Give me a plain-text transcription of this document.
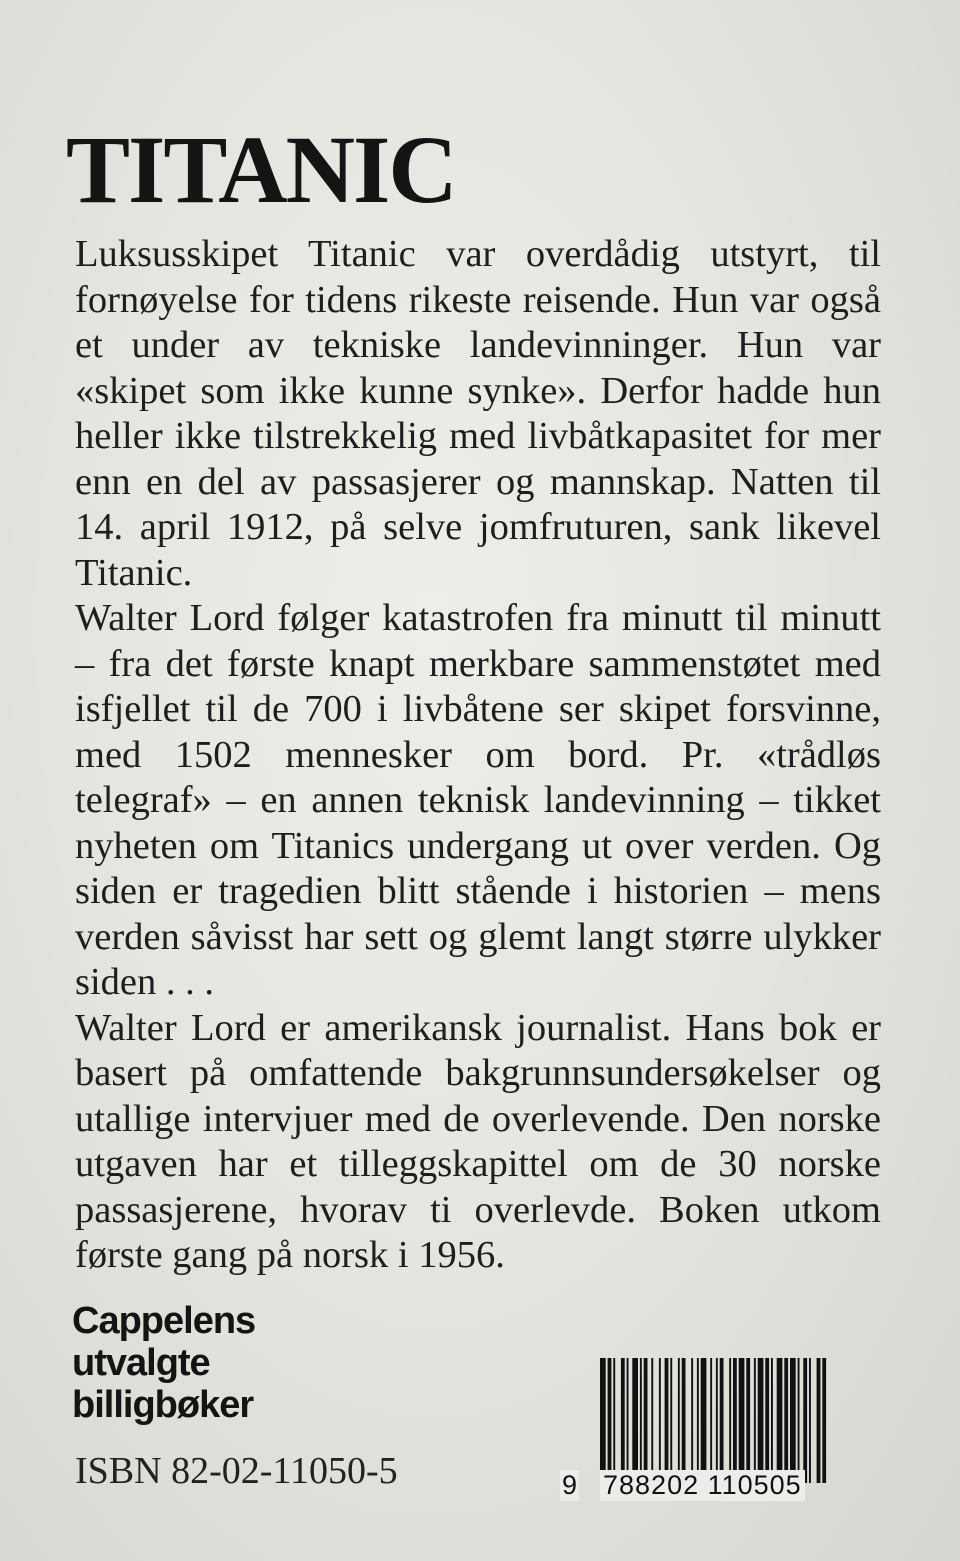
TITANIC

Luksusskipet Titanic var overdådig utstyrt, til fornøyelse for tidens rikeste reisende. Hun var også et under av tekniske landevinninger. Hun var «skipet som ikke kunne synke». Derfor hadde hun heller ikke tilstrekkelig med livbåtkapasitet for mer enn en del av passasjerer og mannskap. Natten til 14. april 1912, på selve jomfruturen, sank likevel Titanic.

Walter Lord følger katastrofen fra minutt til minutt – fra det første knapt merkbare sammenstøtet med isfjellet til de 700 i livbåtene ser skipet forsvinne, med 1502 mennesker om bord. Pr. «trådløs telegraf» – en annen teknisk landevinning – tikket nyheten om Titanics undergang ut over verden. Og siden er tragedien blitt stående i historien – mens verden såvisst har sett og glemt langt større ulykker siden . . .

Walter Lord er amerikansk journalist. Hans bok er basert på omfattende bakgrunnsundersøkelser og utallige intervjuer med de overlevende. Den norske utgaven har et tilleggskapittel om de 30 norske passasjerene, hvorav ti overlevde. Boken utkom første gang på norsk i 1956.

Cappelens
utvalgte
billigbøker
ISBN 82-02-11050-5	9 788202 110505
